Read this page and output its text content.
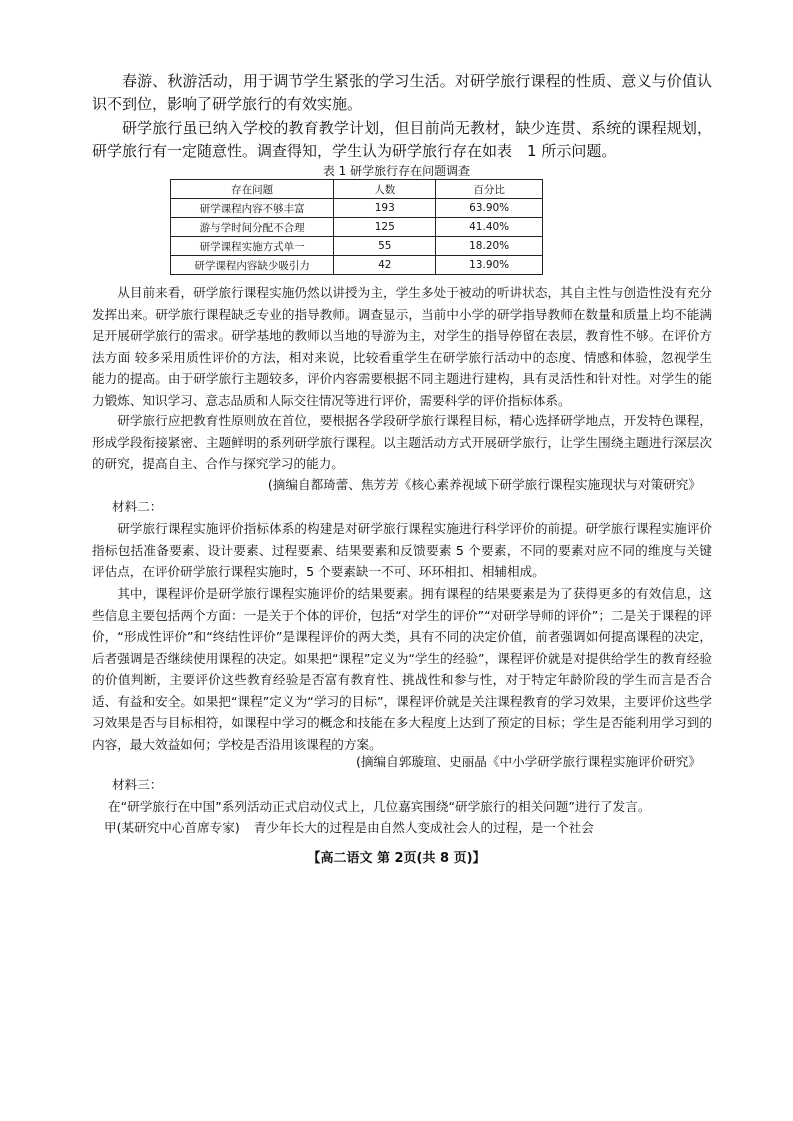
春游、秋游活动，用于调节学生紧张的学习生活。对研学旅行课程的性质、意义与价值认识不到位，影响了研学旅行的有效实施。

研学旅行虽已纳入学校的教育教学计划，但目前尚无教材，缺少连贯、系统的课程规划，研学旅行有一定随意性。调查得知，学生认为研学旅行存在如表　1 所示问题。

表 1 研学旅行存在问题调查

存在问题	人数	百分比
研学课程内容不够丰富	193	63.90%
游与学时间分配不合理	125	41.40%
研学课程实施方式单一	55	18.20%
研学课程内容缺少吸引力	42	13.90%

从目前来看，研学旅行课程实施仍然以讲授为主，学生多处于被动的听讲状态，其自主性与创造性没有充分发挥出来。研学旅行课程缺乏专业的指导教师。调查显示，当前中小学的研学指导教师在数量和质量上均不能满足开展研学旅行的需求。研学基地的教师以当地的导游为主，对学生的指导停留在表层，教育性不够。在评价方法方面 较多采用质性评价的方法，相对来说，比较看重学生在研学旅行活动中的态度、情感和体验，忽视学生能力的提高。由于研学旅行主题较多，评价内容需要根据不同主题进行建构，具有灵活性和针对性。对学生的能力锻炼、知识学习、意志品质和人际交往情况等进行评价，需要科学的评价指标体系。

研学旅行应把教育性原则放在首位，要根据各学段研学旅行课程目标，精心选择研学地点，开发特色课程，形成学段衔接紧密、主题鲜明的系列研学旅行课程。以主题活动方式开展研学旅行，让学生围绕主题进行深层次的研究，提高自主、合作与探究学习的能力。

(摘编自都琦蕾、焦芳芳《核心素养视域下研学旅行课程实施现状与对策研究》

材料二：

研学旅行课程实施评价指标体系的构建是对研学旅行课程实施进行科学评价的前提。研学旅行课程实施评价指标包括准备要素、设计要素、过程要素、结果要素和反馈要素 5 个要素，不同的要素对应不同的维度与关键评估点，在评价研学旅行课程实施时，5 个要素缺一不可、环环相扣、相辅相成。

其中，课程评价是研学旅行课程实施评价的结果要素。拥有课程的结果要素是为了获得更多的有效信息，这些信息主要包括两个方面：一是关于个体的评价，包括“对学生的评价”“对研学导师的评价”；二是关于课程的评价，“形成性评价”和“终结性评价”是课程评价的两大类，具有不同的决定价值，前者强调如何提高课程的决定，后者强调是否继续使用课程的决定。如果把“课程”定义为“学生的经验”，课程评价就是对提供给学生的教育经验的价值判断，主要评价这些教育经验是否富有教育性、挑战性和参与性，对于特定年龄阶段的学生而言是否合适、有益和安全。如果把“课程”定义为“学习的目标”，课程评价就是关注课程教育的学习效果，主要评价这些学习效果是否与目标相符，如课程中学习的概念和技能在多大程度上达到了预定的目标；学生是否能利用学习到的内容，最大效益如何；学校是否沿用该课程的方案。

(摘编自郭璇瑄、史丽晶《中小学研学旅行课程实施评价研究》

材料三：

在“研学旅行在中国”系列活动正式启动仪式上，几位嘉宾围绕“研学旅行的相关问题”进行了发言。

甲(某研究中心首席专家) 青少年长大的过程是由自然人变成社会人的过程，是一个社会

【高二语文 第 2页(共 8 页)】
